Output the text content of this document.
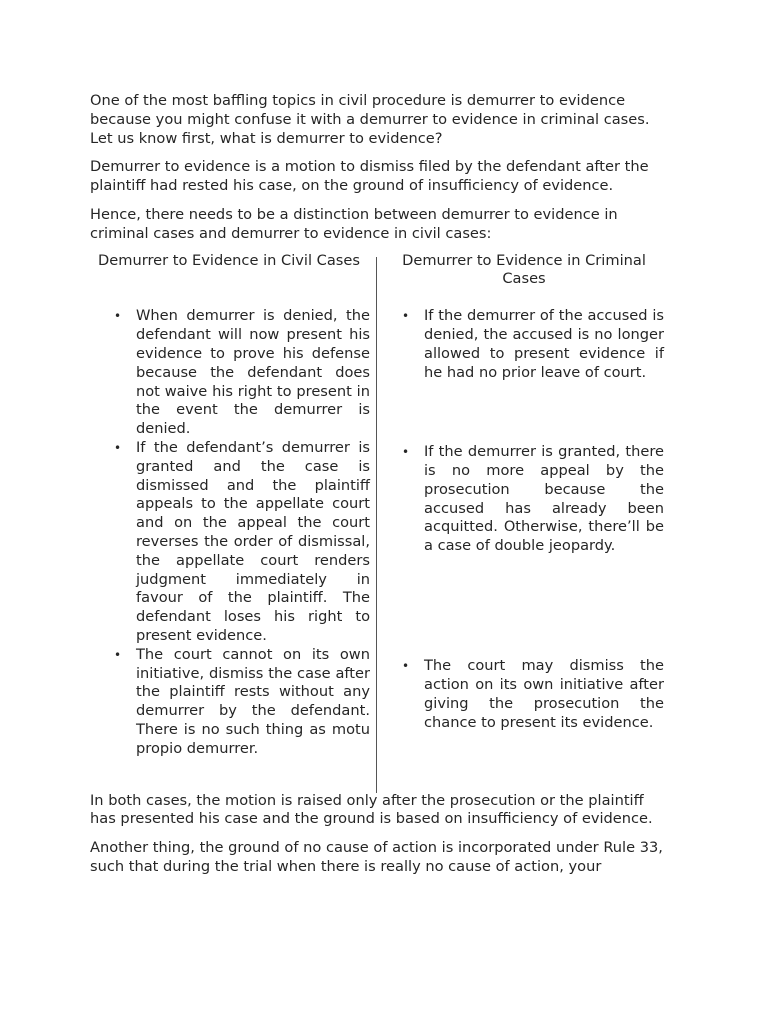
One of the most baffling topics in civil procedure is demurrer to evidence because you might confuse it with a demurrer to evidence in criminal cases. Let us know first, what is demurrer to evidence?

Demurrer to evidence is a motion to dismiss filed by the defendant after the plaintiff had rested his case, on the ground of insufficiency of evidence.

Hence, there needs to be a distinction between demurrer to evidence in criminal cases and demurrer to evidence in civil cases:

Demurrer to Evidence in Civil Cases

• When demurrer is denied, the defendant will now present his evidence to prove his defense because the defendant does not waive his right to present in the event the demurrer is denied.
• If the defendant’s demurrer is granted and the case is dismissed and the plaintiff appeals to the appellate court and on the appeal the court reverses the order of dismissal, the appellate court renders judgment immediately in favour of the plaintiff. The defendant loses his right to present evidence.
• The court cannot on its own initiative, dismiss the case after the plaintiff rests without any demurrer by the defendant. There is no such thing as motu propio demurrer.

Demurrer to Evidence in Criminal Cases

• If the demurrer of the accused is denied, the accused is no longer allowed to present evidence if he had no prior leave of court.
• If the demurrer is granted, there is no more appeal by the prosecution because the accused has already been acquitted. Otherwise, there’ll be a case of double jeopardy.
• The court may dismiss the action on its own initiative after giving the prosecution the chance to present its evidence.

In both cases, the motion is raised only after the prosecution or the plaintiff has presented his case and the ground is based on insufficiency of evidence.

Another thing, the ground of no cause of action is incorporated under Rule 33, such that during the trial when there is really no cause of action, your
